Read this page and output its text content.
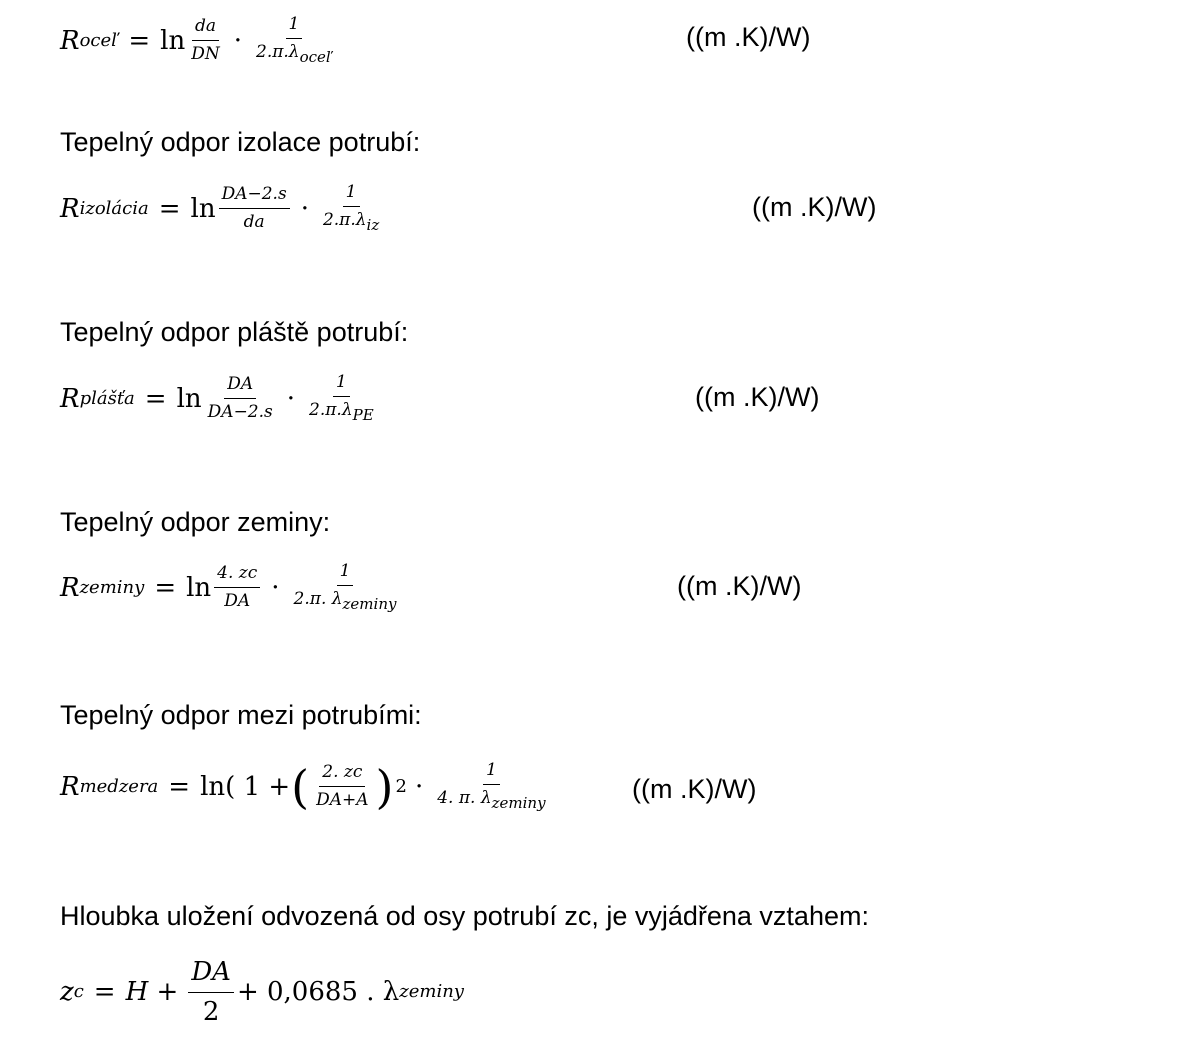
R oceľ = $\ln \frac{da}{DN} \cdot \frac{1}{\text{2.π.λoceľ}}$	((m .K)/W)
Tepelný odpor izolace potrubí:
R izolácia = $\ln \frac{DA-2.s}{da} \cdot \frac{1}{\text{2.π.λiz}}$	((m .K)/W)
Tepelný odpor pláště potrubí:
R plášťa = $\ln \frac{DA}{DA-2.s} \cdot \frac{1}{\text{2.π.λPE}}$	((m .K)/W)
Tepelný odpor zeminy:
R $zeminy = \ln \frac{4. zc}{DA} \cdot \frac{1}{\text{2.π. λzeminy}}$	((m .K)/W)
Tepelný odpor mezi potrubími:
R medzera = ln( 1 + ( $\frac{2. zc}{DA+A}$ ) $2 \cdot \frac{1}{\text{4. π. λzeminy}}$	((m .K)/W)
Hloubka uložení odvozená od osy potrubí zc, je vyjádřena vztahem:
z $c = H + \frac{DA}{2} + 0,0685$ . λ zeminy
